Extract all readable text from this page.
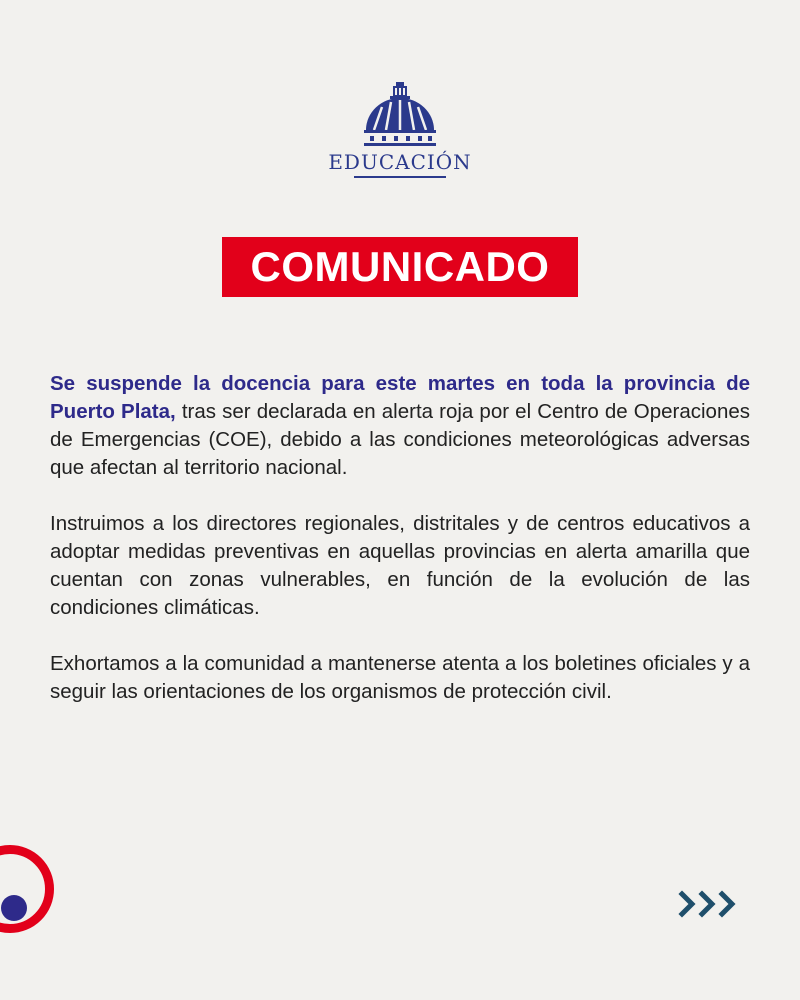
EDUCACIÓN
COMUNICADO

Se suspende la docencia para este martes en toda la provincia de Puerto Plata, tras ser declarada en alerta roja por el Centro de Operaciones de Emergencias (COE), debido a las condiciones meteorológicas adversas que afectan al territorio nacional.

Instruimos a los directores regionales, distritales y de centros educativos a adoptar medidas preventivas en aquellas provincias en alerta amarilla que cuentan con zonas vulnerables, en función de la evolución de las condiciones climáticas.

Exhortamos a la comunidad a mantenerse atenta a los boletines oficiales y a seguir las orientaciones de los organismos de protección civil.
